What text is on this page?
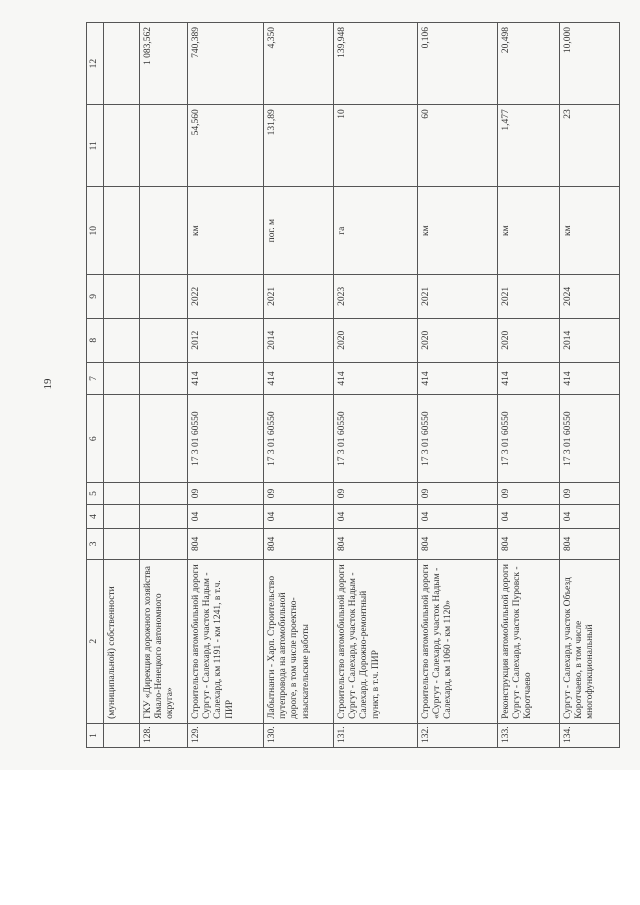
19
1	2	3	4	5	6	7	8	9	10	11	12
	(муниципальной) собственности										
128.	ГКУ «Дирекция дорожного хозяйства Ямало-Ненецкого автономного округа»										1 083,562
129.	Строительство автомобильной дороги Сургут - Салехард, участок Надым - Салехард, км 1191 - км 1241, в т.ч. ПИР	804	04	09	17 3 01 60550	414	2012	2022	км	54,560	740,389
130.	Лабытнанги - Харп. Строительство путепровода на автомобильной дороге, в том числе проектно-изыскательские работы	804	04	09	17 3 01 60550	414	2014	2021	пог. м	131,89	4,350
131.	Строительство автомобильной дороги Сургут - Салехард, участок Надым - Салехард. Дорожно-ремонтный пункт, в т.ч. ПИР	804	04	09	17 3 01 60550	414	2020	2023	га	10	139,948
132.	Строительство автомобильной дороги «Сургут - Салехард, участок Надым - Салехард, км 1060 - км 1120»	804	04	09	17 3 01 60550	414	2020	2021	км	60	0,106
133.	Реконструкция автомобильной дороги Сургут - Салехард, участок Пуровск - Коротчаево	804	04	09	17 3 01 60550	414	2020	2021	км	1,477	20,498
134.	Сургут - Салехард, участок Объезд Коротчаево, в том числе многофункциональный	804	04	09	17 3 01 60550	414	2014	2024	км	23	10,000
